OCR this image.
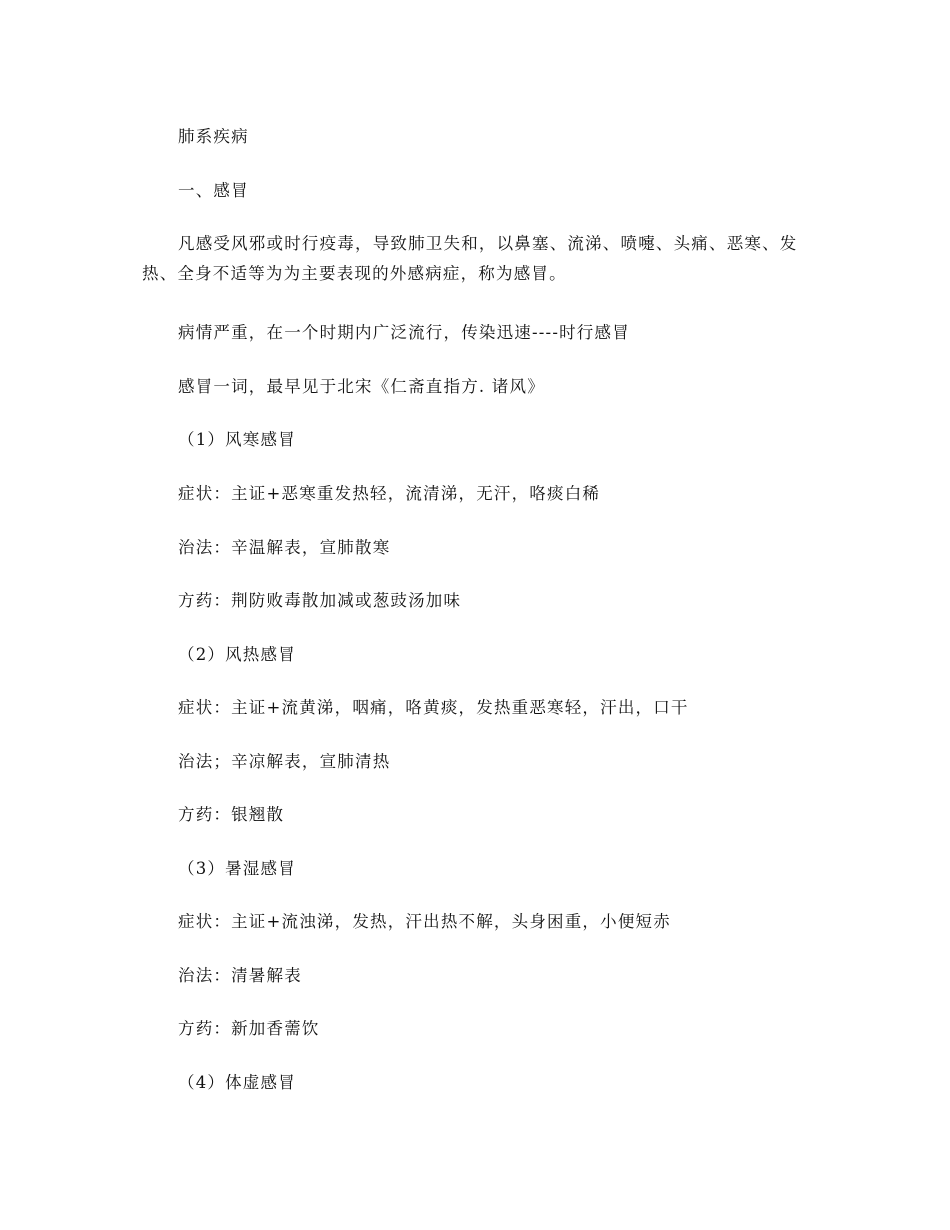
肺系疾病
一、感冒
凡感受风邪或时行疫毒，导致肺卫失和，以鼻塞、流涕、喷嚏、头痛、恶寒、发热、全身不适等为为主要表现的外感病症，称为感冒。
病情严重，在一个时期内广泛流行，传染迅速----时行感冒
感冒一词，最早见于北宋《仁斋直指方. 诸风》
（1）风寒感冒
症状：主证+恶寒重发热轻，流清涕，无汗，咯痰白稀
治法：辛温解表，宣肺散寒
方药：荆防败毒散加减或葱豉汤加味
（2）风热感冒
症状：主证+流黄涕，咽痛，咯黄痰，发热重恶寒轻，汗出，口干
治法；辛凉解表，宣肺清热
方药：银翘散
（3）暑湿感冒
症状：主证+流浊涕，发热，汗出热不解，头身困重，小便短赤
治法：清暑解表
方药：新加香薷饮
（4）体虚感冒
